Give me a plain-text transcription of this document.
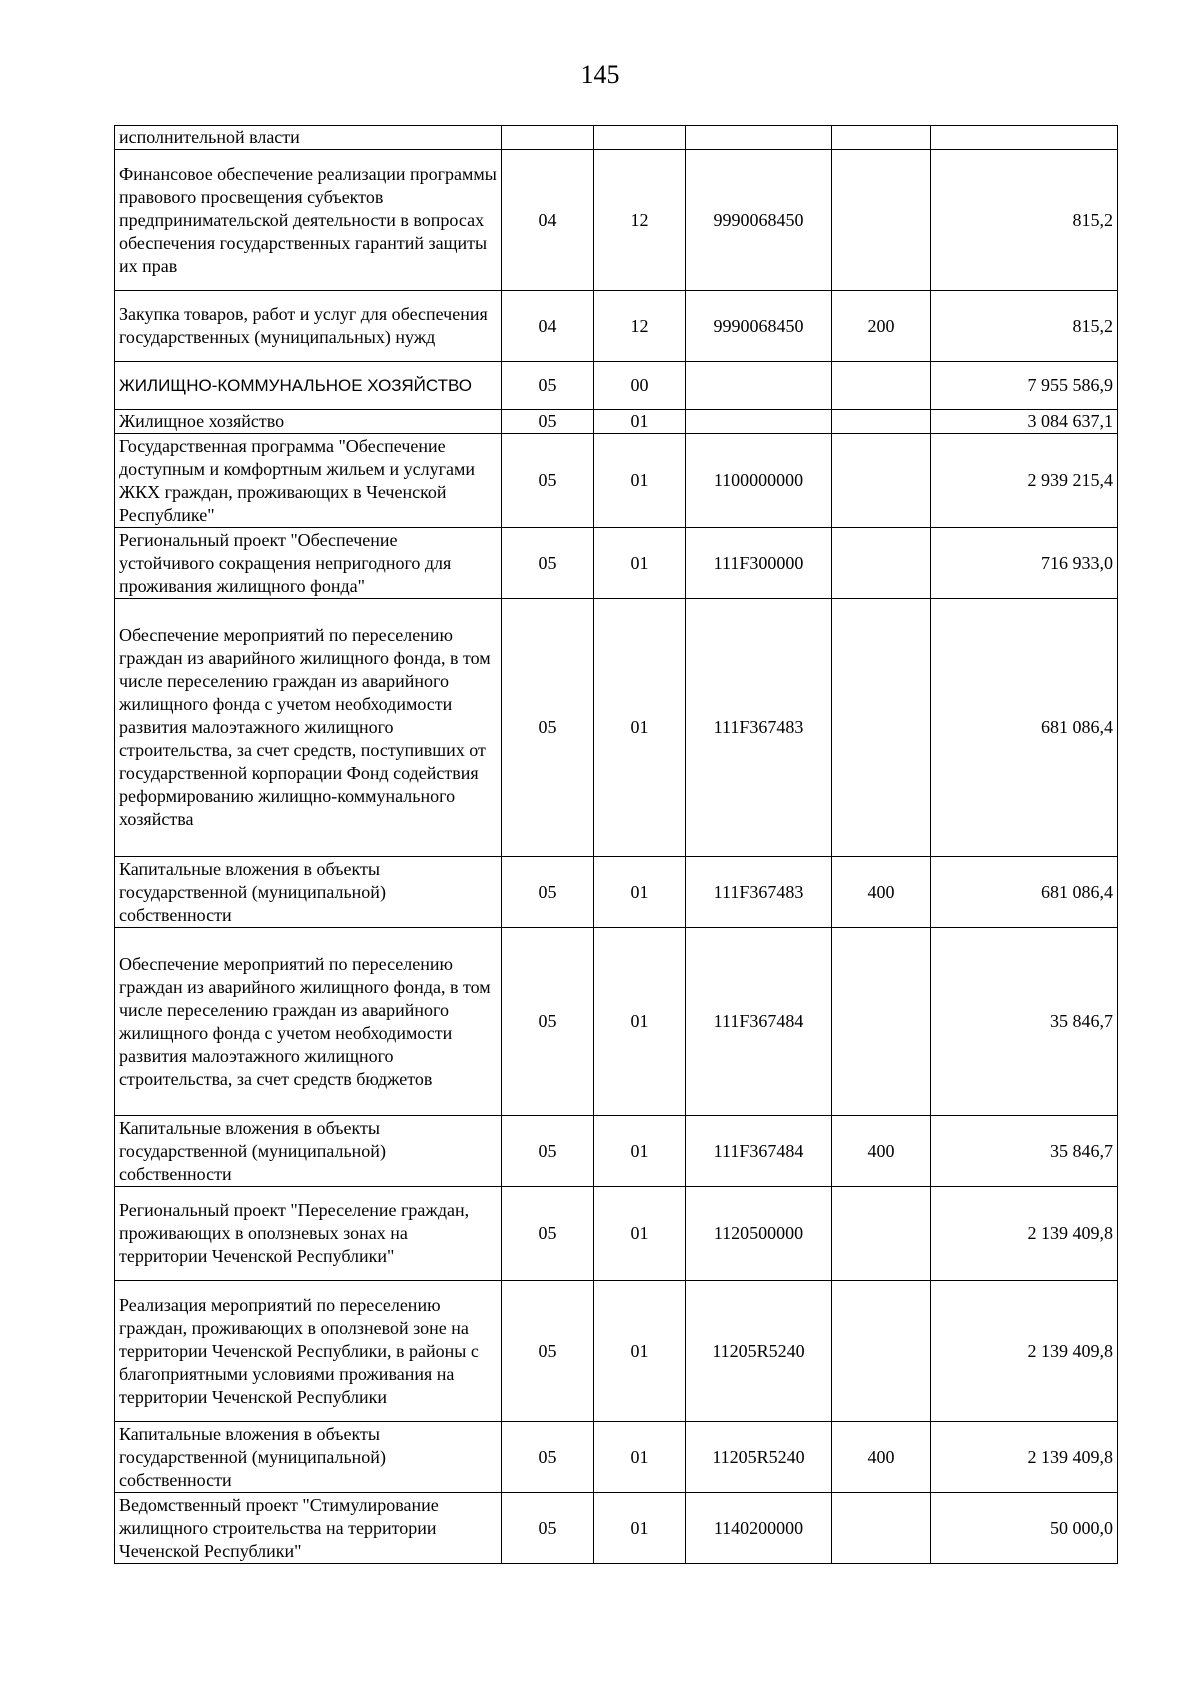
145
исполнительной власти					
Финансовое обеспечение реализации программы правового просвещения субъектов предпринимательской деятельности в вопросах обеспечения государственных гарантий защиты их прав	04	12	9990068450		815,2
Закупка товаров, работ и услуг для обеспечения государственных (муниципальных) нужд	04	12	9990068450	200	815,2
ЖИЛИЩНО-КОММУНАЛЬНОЕ ХОЗЯЙСТВО	05	00			7 955 586,9
Жилищное хозяйство	05	01			3 084 637,1
Государственная программа "Обеспечение доступным и комфортным жильем и услугами ЖКХ граждан, проживающих в Чеченской Республике"	05	01	1100000000		2 939 215,4
Региональный проект "Обеспечение устойчивого сокращения непригодного для проживания жилищного фонда"	05	01	111F300000		716 933,0
Обеспечение мероприятий по переселению граждан из аварийного жилищного фонда, в том числе переселению граждан из аварийного жилищного фонда с учетом необходимости развития малоэтажного жилищного строительства, за счет средств, поступивших от государственной корпорации Фонд содействия реформированию жилищно-коммунального хозяйства	05	01	111F367483		681 086,4
Капитальные вложения в объекты государственной (муниципальной) собственности	05	01	111F367483	400	681 086,4
Обеспечение мероприятий по переселению граждан из аварийного жилищного фонда, в том числе переселению граждан из аварийного жилищного фонда с учетом необходимости развития малоэтажного жилищного строительства, за счет средств бюджетов	05	01	111F367484		35 846,7
Капитальные вложения в объекты государственной (муниципальной) собственности	05	01	111F367484	400	35 846,7
Региональный проект "Переселение граждан, проживающих в оползневых зонах на территории Чеченской Республики"	05	01	1120500000		2 139 409,8
Реализация мероприятий по переселению граждан, проживающих в оползневой зоне на территории Чеченской Республики, в районы с благоприятными условиями проживания на территории Чеченской Республики	05	01	11205R5240		2 139 409,8
Капитальные вложения в объекты государственной (муниципальной) собственности	05	01	11205R5240	400	2 139 409,8
Ведомственный проект "Стимулирование жилищного строительства на территории Чеченской Республики"	05	01	1140200000		50 000,0
